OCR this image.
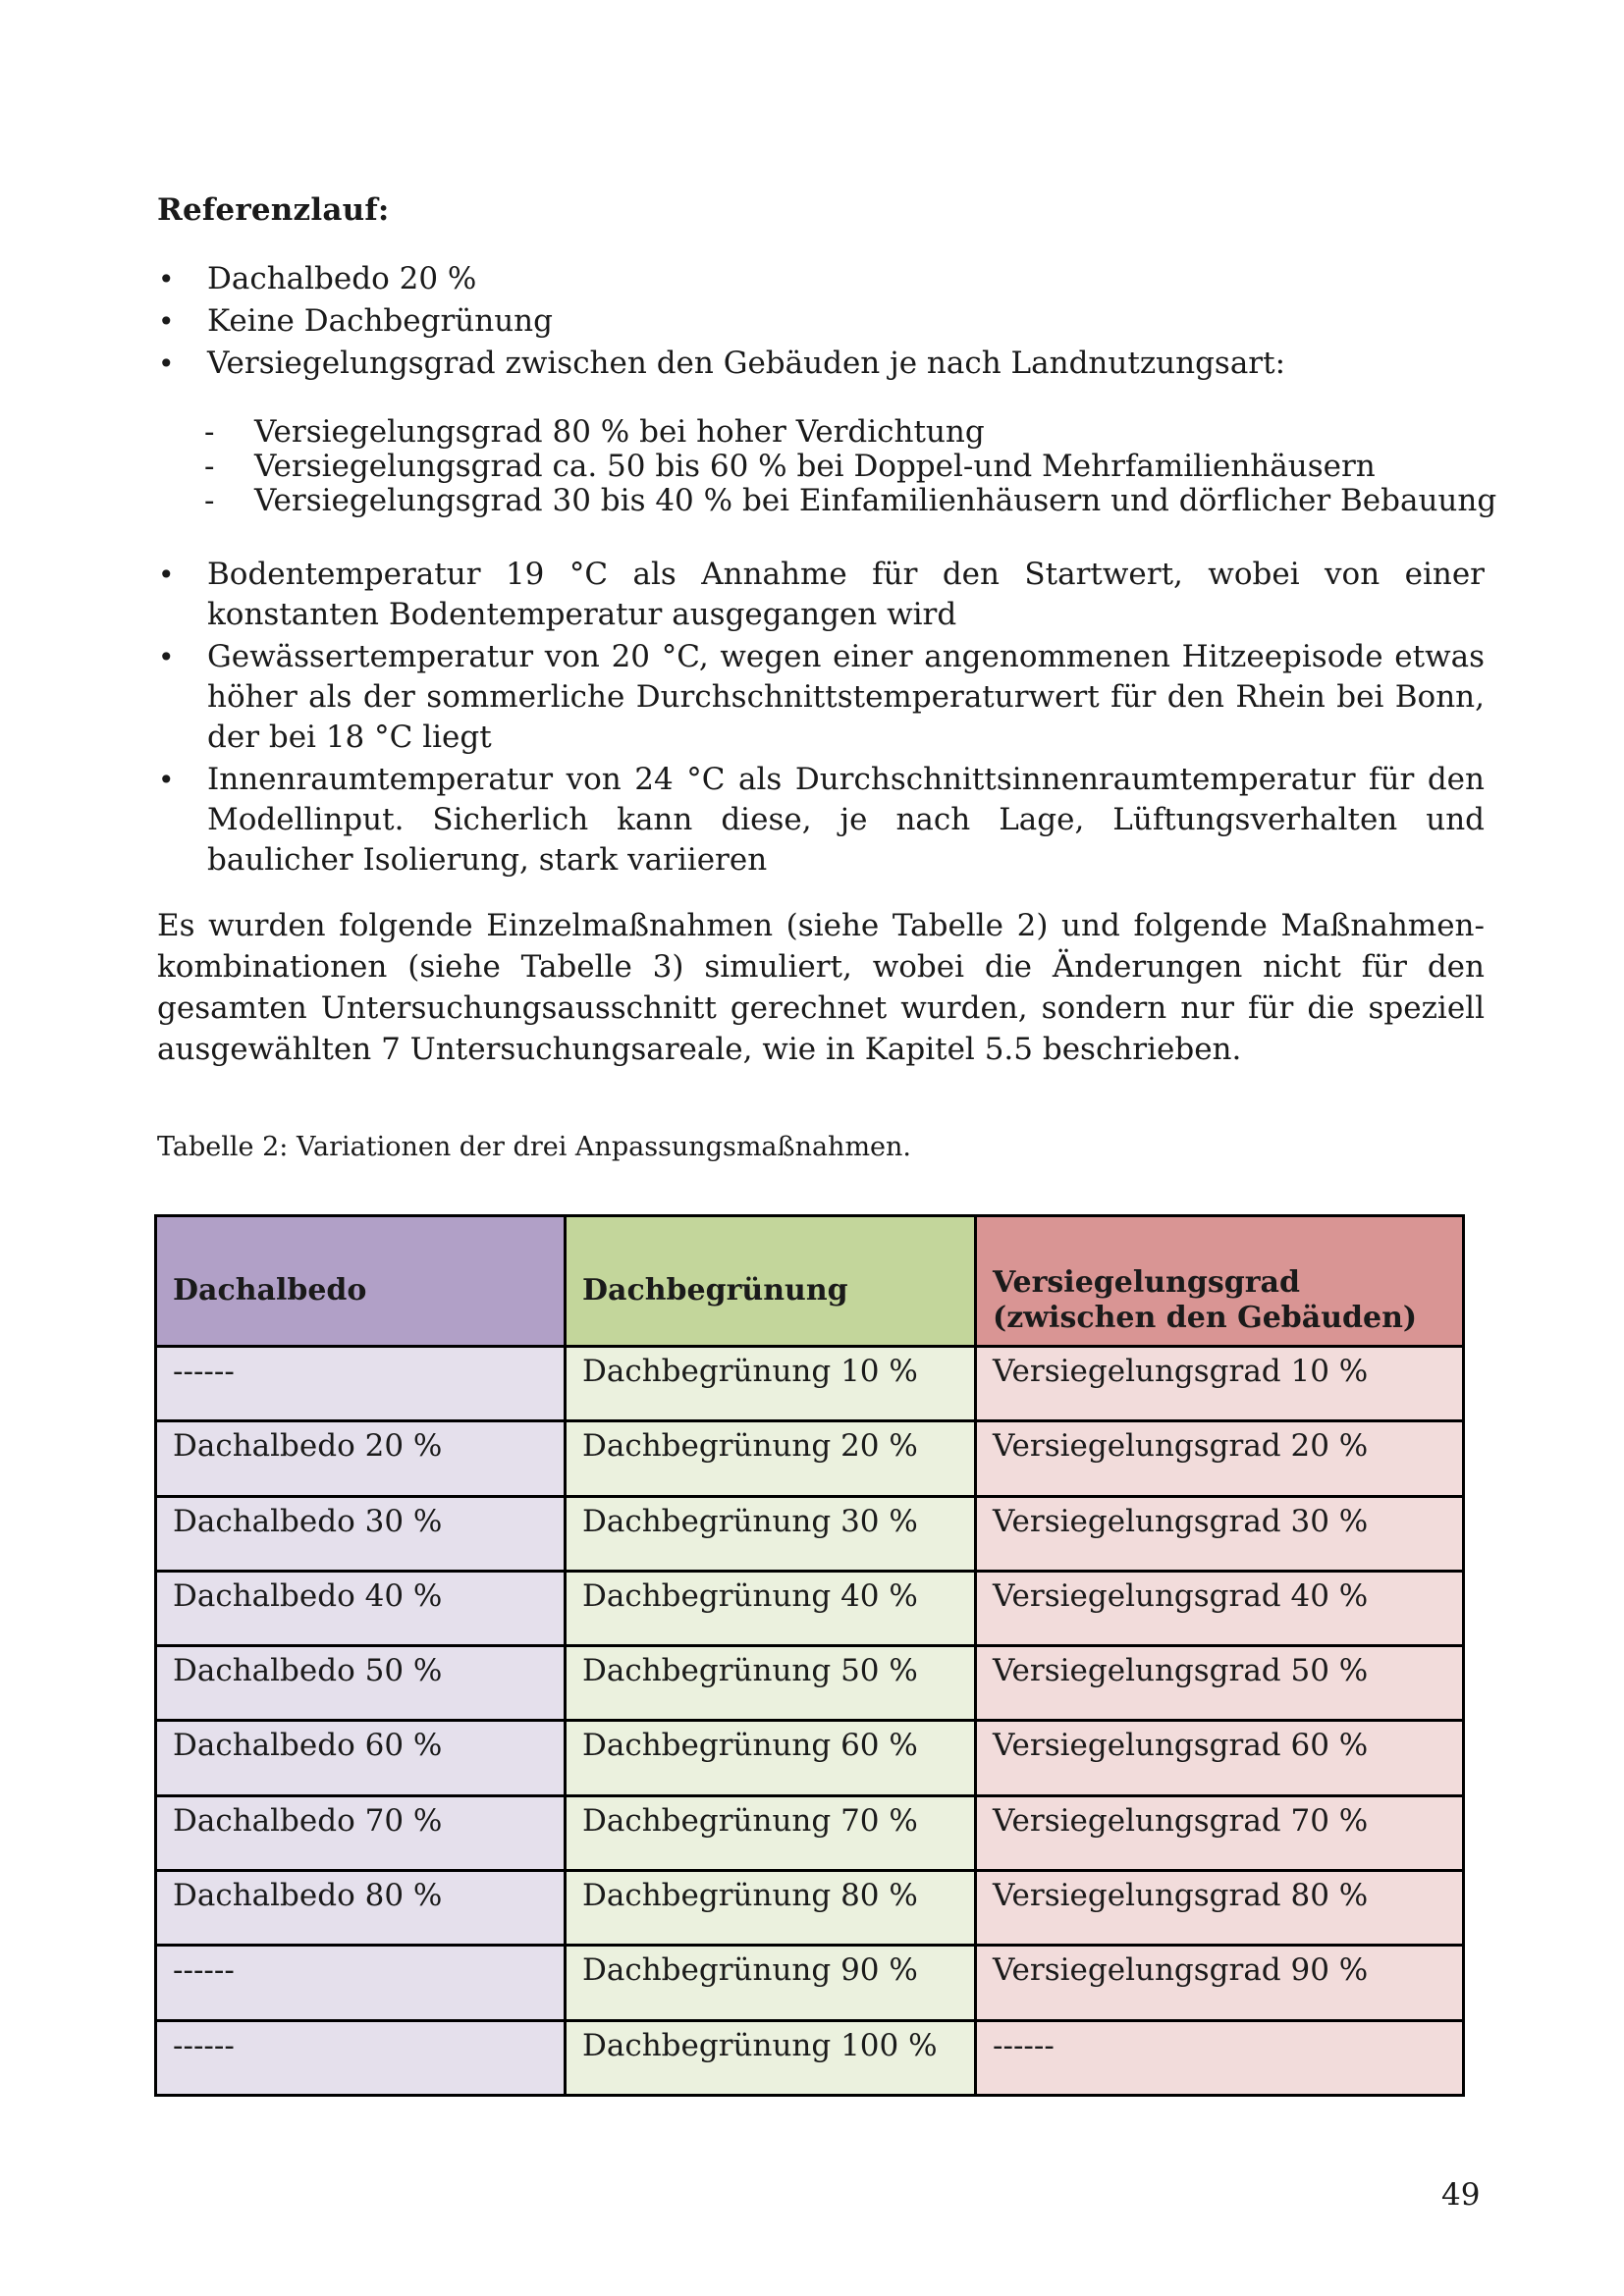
Referenzlauf:
• Dachalbedo 20 %
• Keine Dachbegrünung
• Versiegelungsgrad zwischen den Gebäuden je nach Landnutzungsart:
- Versiegelungsgrad 80 % bei hoher Verdichtung
- Versiegelungsgrad ca. 50 bis 60 % bei Doppel-und Mehrfamilienhäusern
- Versiegelungsgrad 30 bis 40 % bei Einfamilienhäusern und dörflicher Bebauung
• Bodentemperatur 19 °C als Annahme für den Startwert, wobei von einer konstanten Bodentemperatur ausgegangen wird
• Gewässertemperatur von 20 °C, wegen einer angenommenen Hitzeepisode etwas höher als der sommerliche Durchschnittstemperaturwert für den Rhein bei Bonn, der bei 18 °C liegt
• Innenraumtemperatur von 24 °C als Durchschnittsinnenraumtemperatur für den Modellinput. Sicherlich kann diese, je nach Lage, Lüftungsverhalten und baulicher Isolierung, stark variieren

Es wurden folgende Einzelmaßnahmen (siehe Tabelle 2) und folgende Maßnahmenkombinationen (siehe Tabelle 3) simuliert, wobei die Änderungen nicht für den gesamten Untersuchungsausschnitt gerechnet wurden, sondern nur für die speziell ausgewählten 7 Untersuchungsareale, wie in Kapitel 5.5 beschrieben.

Tabelle 2: Variationen der drei Anpassungsmaßnahmen.
Dachalbedo	Dachbegrünung	Versiegelungsgrad (zwischen den Gebäuden)
------	Dachbegrünung 10 %	Versiegelungsgrad 10 %
Dachalbedo 20 %	Dachbegrünung 20 %	Versiegelungsgrad 20 %
Dachalbedo 30 %	Dachbegrünung 30 %	Versiegelungsgrad 30 %
Dachalbedo 40 %	Dachbegrünung 40 %	Versiegelungsgrad 40 %
Dachalbedo 50 %	Dachbegrünung 50 %	Versiegelungsgrad 50 %
Dachalbedo 60 %	Dachbegrünung 60 %	Versiegelungsgrad 60 %
Dachalbedo 70 %	Dachbegrünung 70 %	Versiegelungsgrad 70 %
Dachalbedo 80 %	Dachbegrünung 80 %	Versiegelungsgrad 80 %
------	Dachbegrünung 90 %	Versiegelungsgrad 90 %
------	Dachbegrünung 100 %	------
49
